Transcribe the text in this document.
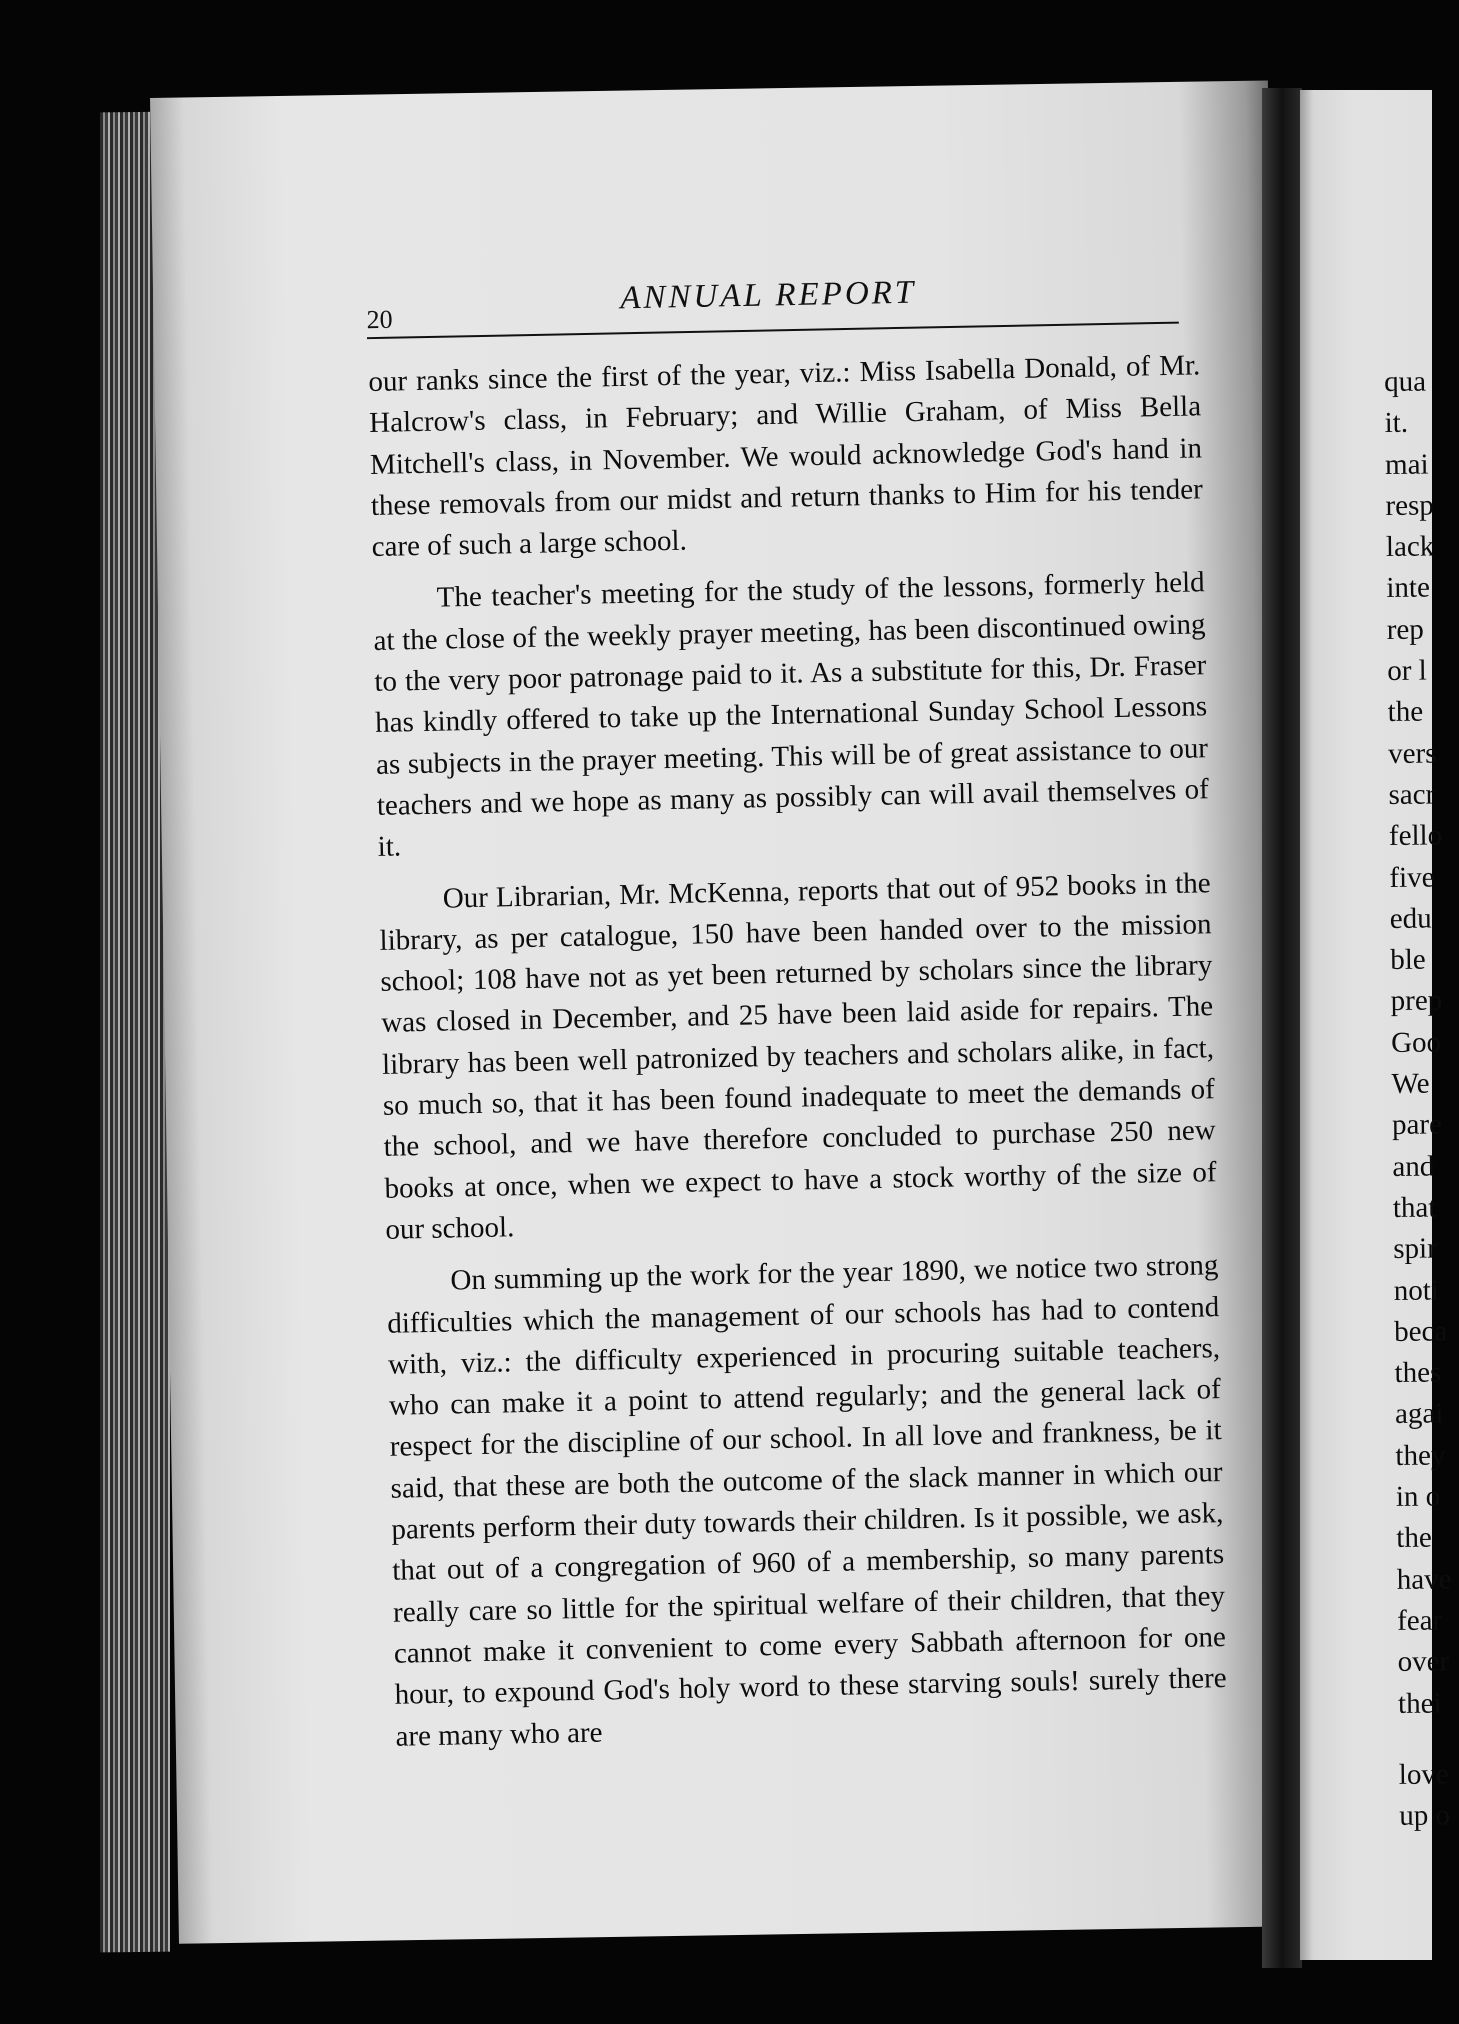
20
ANNUAL REPORT

our ranks since the first of the year, viz.: Miss Isabella Donald, of Mr. Halcrow's class, in February; and Willie Graham, of Miss Bella Mitchell's class, in November. We would acknowledge God's hand in these removals from our midst and return thanks to Him for his tender care of such a large school.

The teacher's meeting for the study of the lessons, formerly held at the close of the weekly prayer meeting, has been discontinued owing to the very poor patronage paid to it. As a substitute for this, Dr. Fraser has kindly offered to take up the International Sunday School Lessons as subjects in the prayer meeting. This will be of great assistance to our teachers and we hope as many as possibly can will avail themselves of it.

Our Librarian, Mr. McKenna, reports that out of 952 books in the library, as per catalogue, 150 have been handed over to the mission school; 108 have not as yet been returned by scholars since the library was closed in December, and 25 have been laid aside for repairs. The library has been well patronized by teachers and scholars alike, in fact, so much so, that it has been found inadequate to meet the demands of the school, and we have therefore concluded to purchase 250 new books at once, when we expect to have a stock worthy of the size of our school.

On summing up the work for the year 1890, we notice two strong difficulties which the management of our schools has had to contend with, viz.: the difficulty experienced in procuring suitable teachers, who can make it a point to attend regularly; and the general lack of respect for the discipline of our school. In all love and frankness, be it said, that these are both the outcome of the slack manner in which our parents perform their duty towards their children. Is it possible, we ask, that out of a congregation of 960 of a membership, so many parents really care so little for the spiritual welfare of their children, that they cannot make it convenient to come every Sabbath afternoon for one hour, to expound God's holy word to these starving souls! surely there are many who are

qua
it.
mai
resp
lack
inte
rep
or l
the
vers
sacr
fello
five
edu
ble
prep
Goo
We
pare
and
that
spir
noti
beca
thes
agai
they
in o
the
have
fear
over
thei
love
up o
